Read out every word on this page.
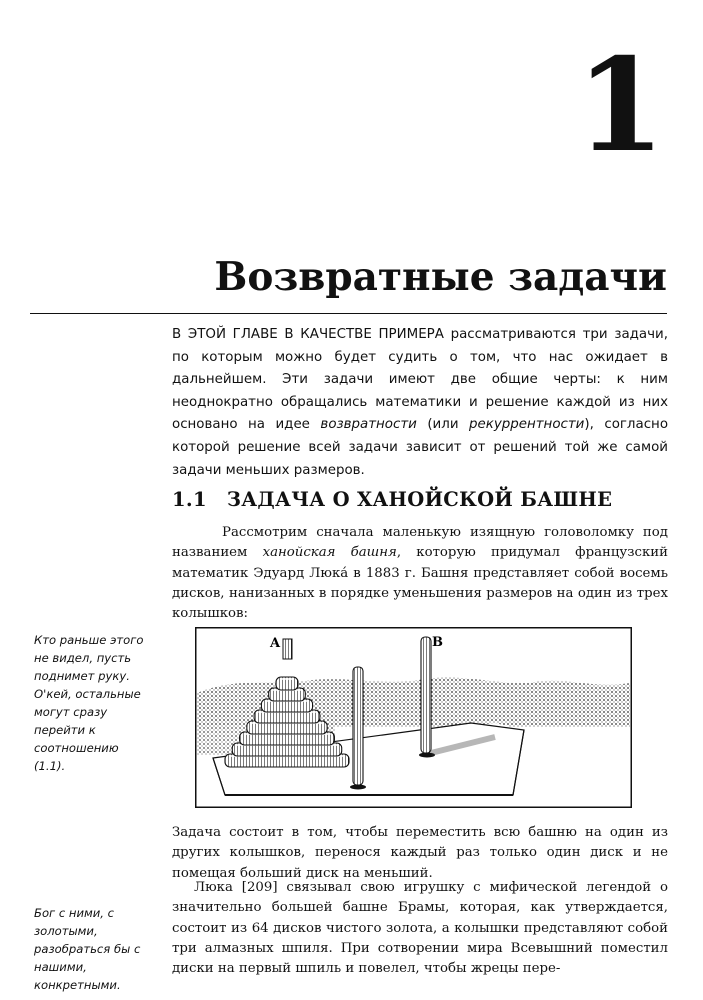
1
Возвратные задачи

В ЭТОЙ ГЛАВЕ В КАЧЕСТВЕ ПРИМЕРА рассматриваются три задачи, по которым можно будет судить о том, что нас ожидает в дальнейшем. Эти задачи имеют две общие черты: к ним неоднократно обращались математики и решение каждой из них основано на идее возвратности (или рекуррентности), согласно которой решение всей задачи зависит от решений той же самой задачи меньших размеров.

1.1 ЗАДАЧА О ХАНОЙСКОЙ БАШНЕ

Рассмотрим сначала маленькую изящную головоломку под названием ханойская башня, которую придумал французский математик Эдуард Люка́ в 1883 г. Башня представляет собой восемь дисков, нанизанных в порядке уменьшения размеров на один из трех колышков:

Кто раньше этого не видел, пусть поднимет руку. О'кей, остальные могут сразу перейти к соотношению (1.1).

A	B

Задача состоит в том, чтобы переместить всю башню на один из других колышков, перенося каждый раз только один диск и не помещая больший диск на меньший.

Люка [209] связывал свою игрушку с мифической легендой о значительно большей башне Брамы, которая, как утверждается, состоит из 64 дисков чистого золота, а колышки представляют собой три алмазных шпиля. При сотворении мира Всевышний поместил диски на первый шпиль и повелел, чтобы жрецы пере-

Бог с ними, с золотыми, разобраться бы с нашими, конкретными.
